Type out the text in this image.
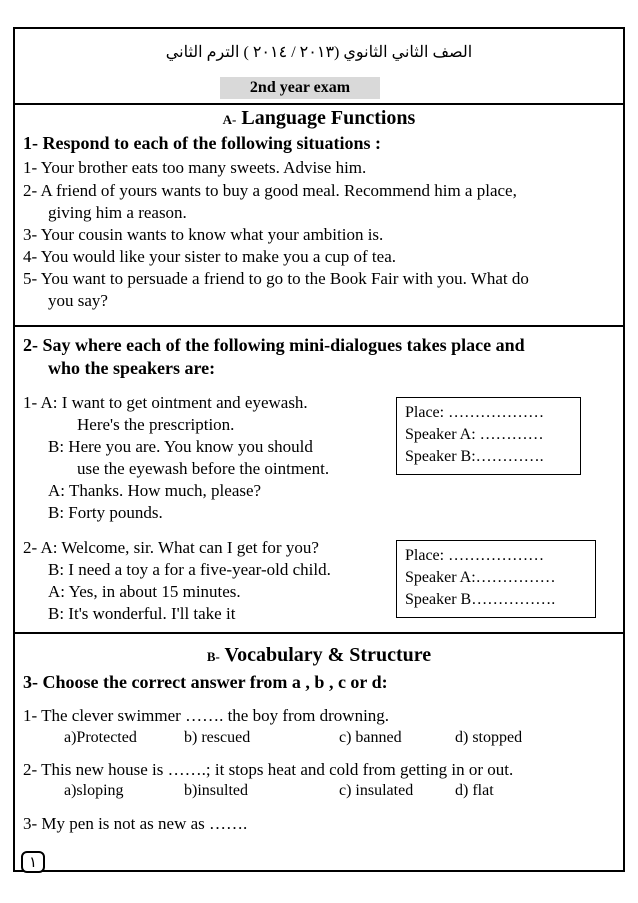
الصف الثاني الثانوي (٢٠١٣ / ٢٠١٤ ) الترم الثاني
2nd year exam
A- Language Functions
1- Respond to each of the following situations :
1- Your brother eats too many sweets. Advise him.
2- A friend of yours wants to buy a good meal. Recommend him a place,
giving him a reason.
3- Your cousin wants to know what your ambition is.
4- You would like your sister to make you a cup of tea.
5- You want to persuade a friend to go to the Book Fair with you. What do
you say?
2- Say where each of the following mini-dialogues takes place and
who the speakers are:
1- A: I want to get ointment and eyewash.
Here's the prescription.
B: Here you are. You know you should
use the eyewash before the ointment.
A: Thanks. How much, please?
B: Forty pounds.
Place: ………………
Speaker A: …………
Speaker B:………….
2- A: Welcome, sir. What can I get for you?
B: I need a toy a for a five-year-old child.
A: Yes, in about 15 minutes.
B: It's wonderful. I'll take it
Place: ………………
Speaker A:……………
Speaker B…………….
B- Vocabulary & Structure
3- Choose the correct answer from a , b , c or d:
1- The clever swimmer ……. the boy from drowning.
a)Protected	b) rescued	c) banned	d) stopped
2- This new house is …….; it stops heat and cold from getting in or out.
a)sloping	b)insulted	c) insulated	d) flat
3- My pen is not as new as …….
١
